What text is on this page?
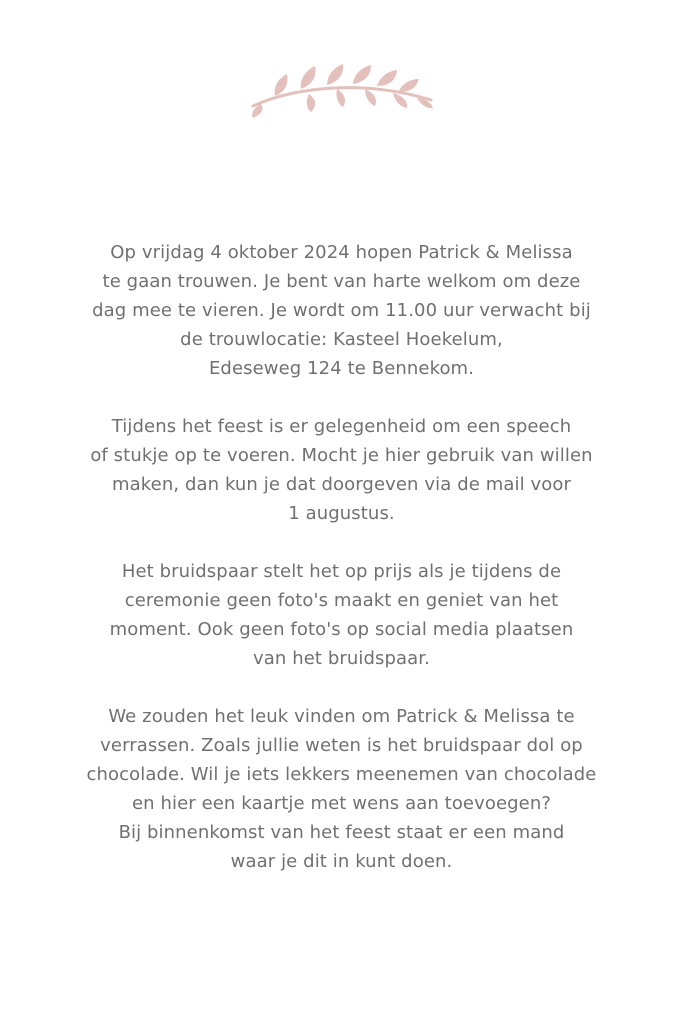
Op vrijdag 4 oktober 2024 hopen Patrick & Melissa
te gaan trouwen. Je bent van harte welkom om deze
dag mee te vieren. Je wordt om 11.00 uur verwacht bij
de trouwlocatie: Kasteel Hoekelum,
Edeseweg 124 te Bennekom.

Tijdens het feest is er gelegenheid om een speech
of stukje op te voeren. Mocht je hier gebruik van willen
maken, dan kun je dat doorgeven via de mail voor
1 augustus.

Het bruidspaar stelt het op prijs als je tijdens de
ceremonie geen foto's maakt en geniet van het
moment. Ook geen foto's op social media plaatsen
van het bruidspaar.

We zouden het leuk vinden om Patrick & Melissa te
verrassen. Zoals jullie weten is het bruidspaar dol op
chocolade. Wil je iets lekkers meenemen van chocolade
en hier een kaartje met wens aan toevoegen?
Bij binnenkomst van het feest staat er een mand
waar je dit in kunt doen.
